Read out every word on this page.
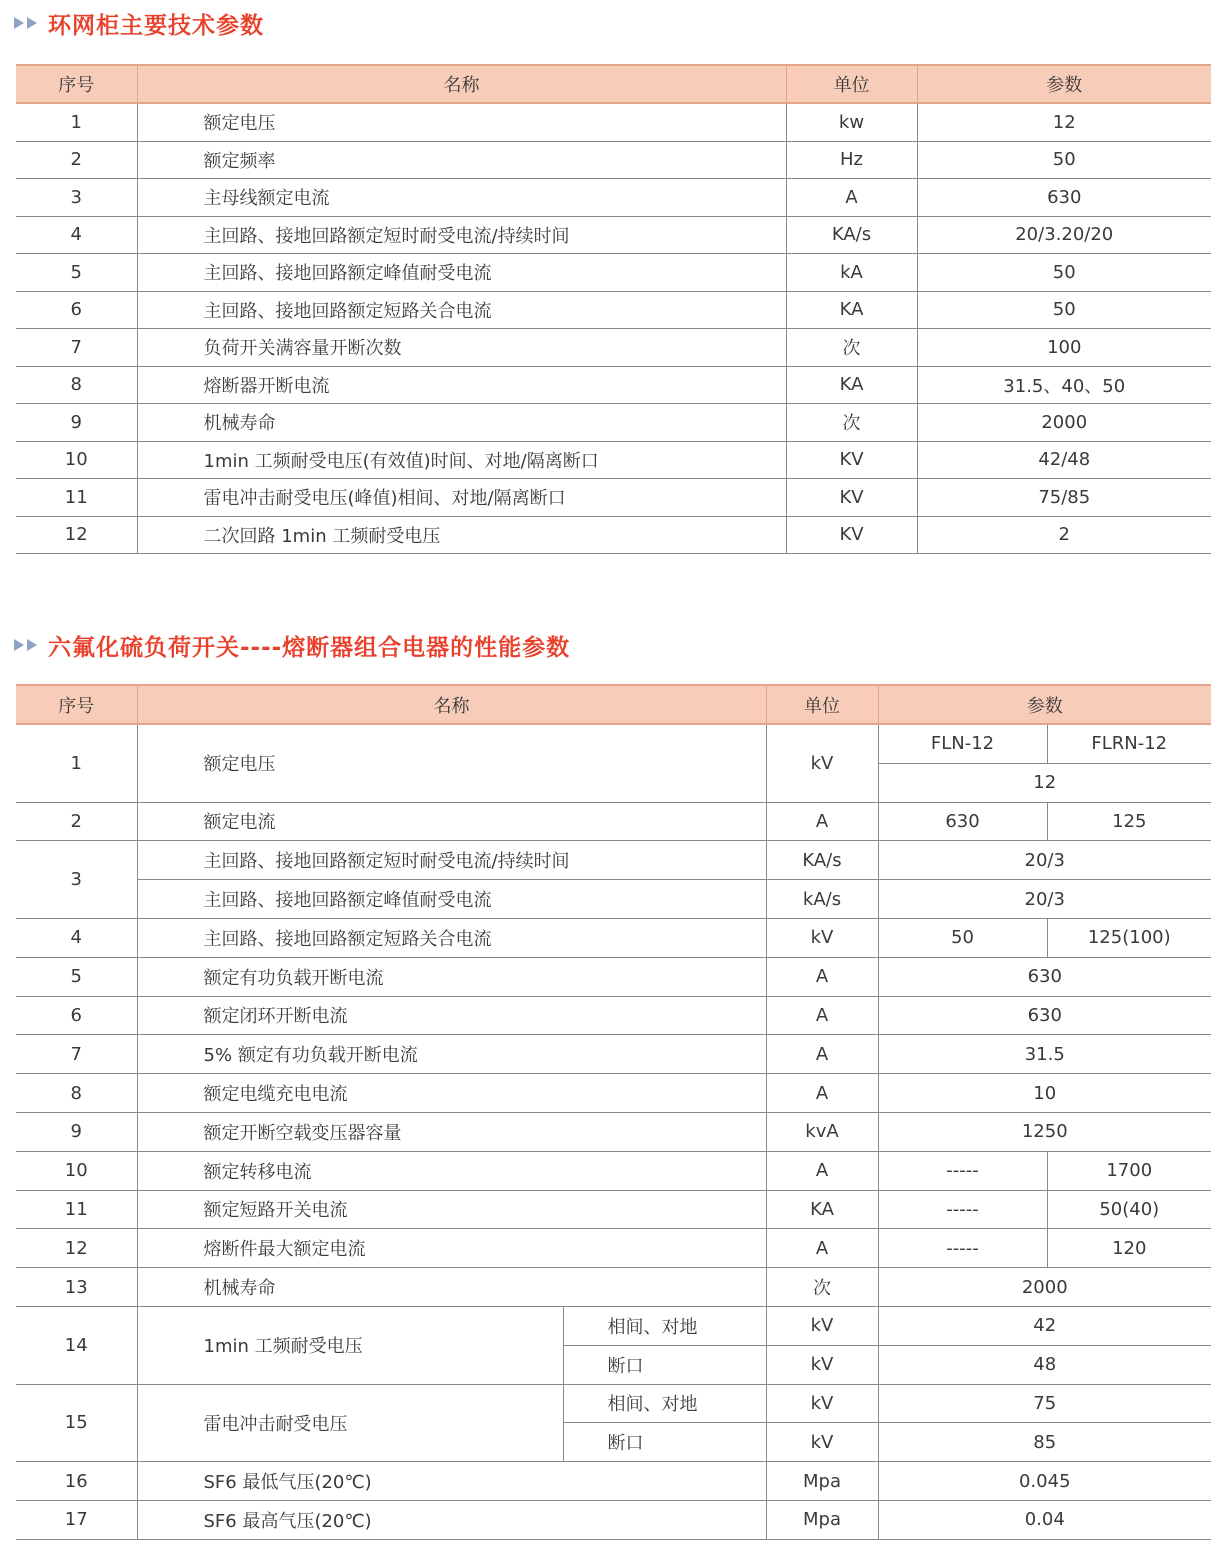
环网柜主要技术参数
序号	名称	单位	参数
1	额定电压	kw	12
2	额定频率	Hz	50
3	主母线额定电流	A	630
4	主回路、接地回路额定短时耐受电流/持续时间	KA/s	20/3.20/20
5	主回路、接地回路额定峰值耐受电流	kA	50
6	主回路、接地回路额定短路关合电流	KA	50
7	负荷开关满容量开断次数	次	100
8	熔断器开断电流	KA	31.5、40、50
9	机械寿命	次	2000
10	1min 工频耐受电压(有效值)时间、对地/隔离断口	KV	42/48
11	雷电冲击耐受电压(峰值)相间、对地/隔离断口	KV	75/85
12	二次回路 1min 工频耐受电压	KV	2
六氟化硫负荷开关----熔断器组合电器的性能参数
序号	名称		单位	参数	
1	额定电压		kV	FLN-12	FLRN-12
				12	
2	额定电流		A	630	125
3	主回路、接地回路额定短时耐受电流/持续时间		KA/s	20/3	
	主回路、接地回路额定峰值耐受电流		kA/s	20/3	
4	主回路、接地回路额定短路关合电流		kV	50	125(100)
5	额定有功负载开断电流		A	630	
6	额定闭环开断电流		A	630	
7	5% 额定有功负载开断电流		A	31.5	
8	额定电缆充电电流		A	10	
9	额定开断空载变压器容量		kvA	1250	
10	额定转移电流		A	-----	1700
11	额定短路开关电流		KA	-----	50(40)
12	熔断件最大额定电流		A	-----	120
13	机械寿命		次	2000	
14	1min 工频耐受电压	相间、对地	kV	42	
		断口	kV	48	
15	雷电冲击耐受电压	相间、对地	kV	75	
		断口	kV	85	
16	SF6 最低气压(20℃)		Mpa	0.045	
17	SF6 最高气压(20℃)		Mpa	0.04	
